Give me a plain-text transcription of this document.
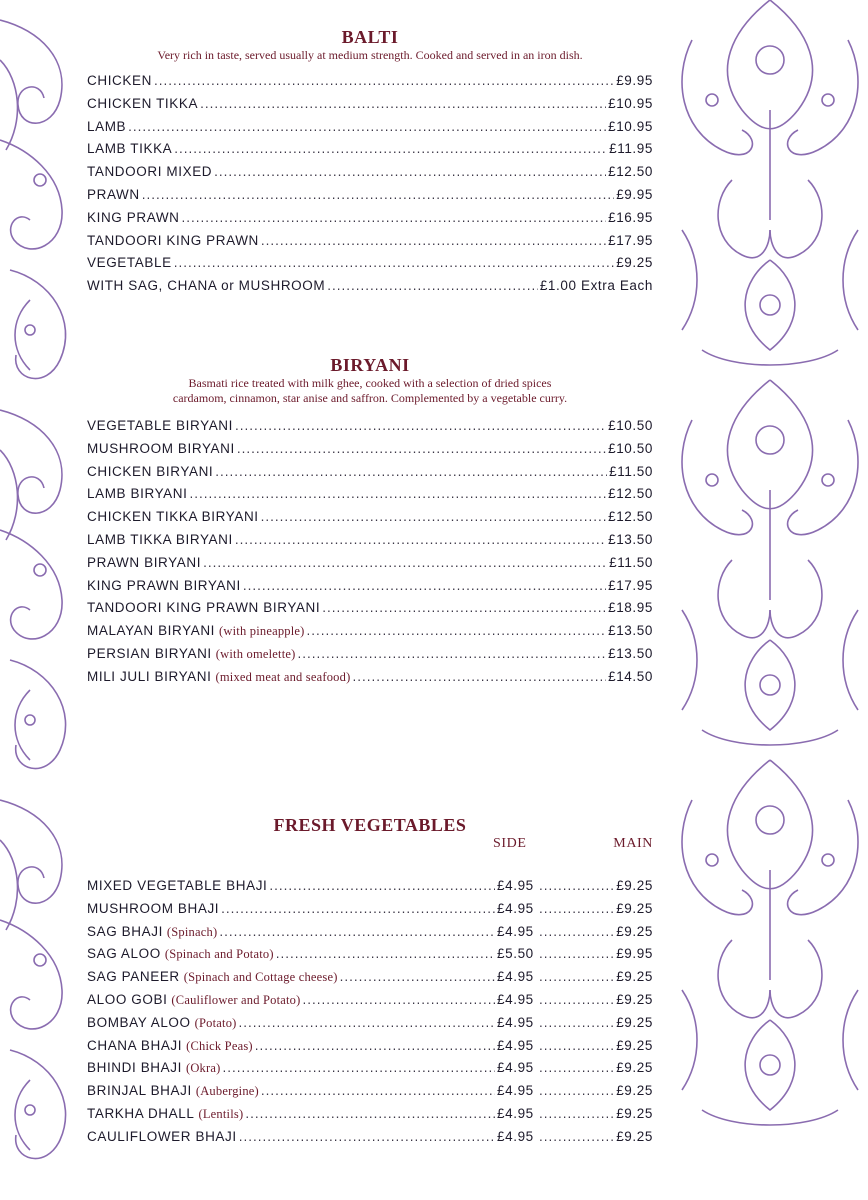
BALTI

Very rich in taste, served usually at medium strength. Cooked and served in an iron dish.

CHICKEN .....	£9.95
CHICKEN TIKKA .....	£10.95
LAMB .....	£10.95
LAMB TIKKA .....	£11.95
TANDOORI MIXED .....	£12.50
PRAWN .....	£9.95
KING PRAWN .....	£16.95
TANDOORI KING PRAWN .....	£17.95
VEGETABLE .....	£9.25
WITH SAG, CHANA or MUSHROOM .....	£1.00 Extra Each
BIRYANI

Basmati rice treated with milk ghee, cooked with a selection of dried spices

cardamom, cinnamon, star anise and saffron. Complemented by a vegetable curry.

VEGETABLE BIRYANI .....	£10.50
MUSHROOM BIRYANI .....	£10.50
CHICKEN BIRYANI .....	£11.50
LAMB BIRYANI .....	£12.50
CHICKEN TIKKA BIRYANI .....	£12.50
LAMB TIKKA BIRYANI .....	£13.50
PRAWN BIRYANI .....	£11.50
KING PRAWN BIRYANI .....	£17.95
TANDOORI KING PRAWN BIRYANI .....	£18.95
MALAYAN BIRYANI (with pineapple) .....	£13.50
PERSIAN BIRYANI (with omelette) .....	£13.50
MILI JULI BIRYANI (mixed meat and seafood) .....	£14.50
FRESH VEGETABLES
SIDE	MAIN
MIXED VEGETABLE BHAJI .....	£4.95 .....	£9.25
MUSHROOM BHAJI .....	£4.95 .....	£9.25
SAG BHAJI (Spinach) .....	£4.95 .....	£9.25
SAG ALOO (Spinach and Potato) .....	£5.50 .....	£9.95
SAG PANEER (Spinach and Cottage cheese) .....	£4.95 .....	£9.25
ALOO GOBI (Cauliflower and Potato) .....	£4.95 .....	£9.25
BOMBAY ALOO (Potato) .....	£4.95 .....	£9.25
CHANA BHAJI (Chick Peas) .....	£4.95 .....	£9.25
BHINDI BHAJI (Okra) .....	£4.95 .....	£9.25
BRINJAL BHAJI (Aubergine) .....	£4.95 .....	£9.25
TARKHA DHALL (Lentils) .....	£4.95 .....	£9.25
CAULIFLOWER BHAJI .....	£4.95 .....	£9.25
